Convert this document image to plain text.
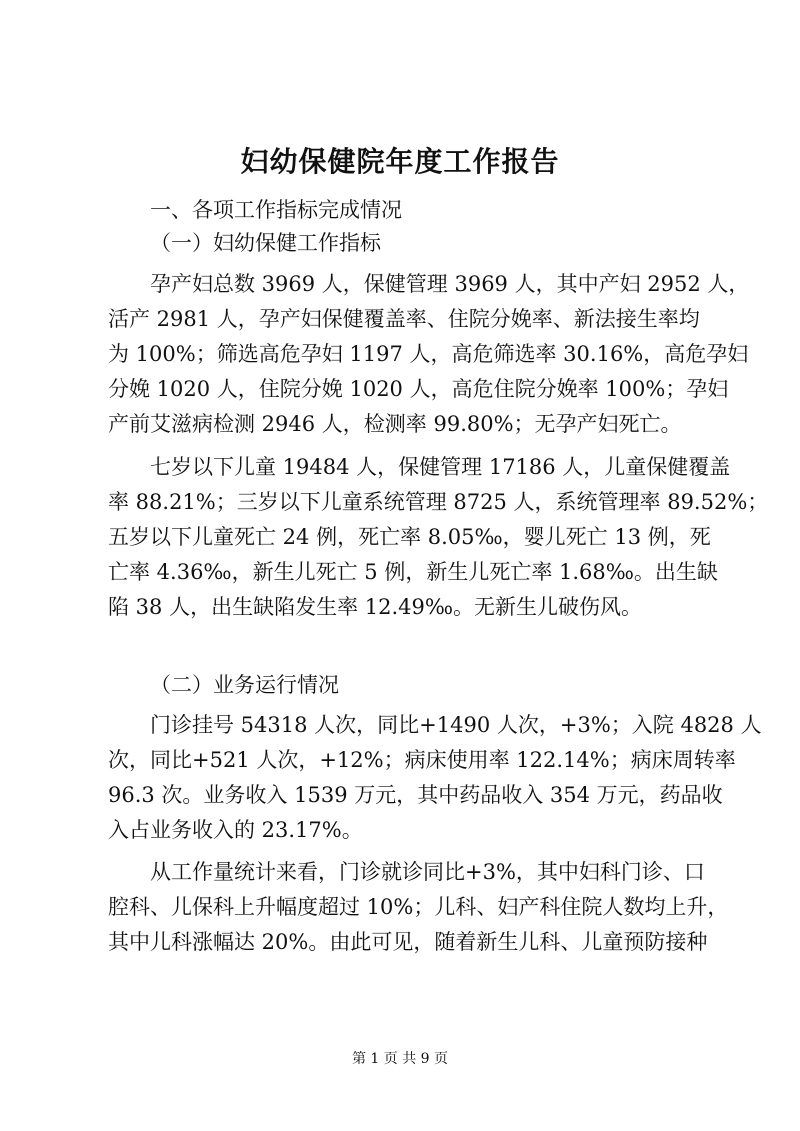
妇幼保健院年度工作报告
一、各项工作指标完成情况
（一）妇幼保健工作指标
孕产妇总数 3969 人，保健管理 3969 人，其中产妇 2952 人，
活产 2981 人，孕产妇保健覆盖率、住院分娩率、新法接生率均
为 100%；筛选高危孕妇 1197 人，高危筛选率 30.16%，高危孕妇
分娩 1020 人，住院分娩 1020 人，高危住院分娩率 100%；孕妇
产前艾滋病检测 2946 人，检测率 99.80%；无孕产妇死亡。
七岁以下儿童 19484 人，保健管理 17186 人，儿童保健覆盖
率 88.21%；三岁以下儿童系统管理 8725 人，系统管理率 89.52%；
五岁以下儿童死亡 24 例，死亡率 8.05‰，婴儿死亡 13 例，死
亡率 4.36‰，新生儿死亡 5 例，新生儿死亡率 1.68‰。出生缺
陷 38 人，出生缺陷发生率 12.49‰。无新生儿破伤风。
（二）业务运行情况
门诊挂号 54318 人次，同比+1490 人次，+3%；入院 4828 人
次，同比+521 人次，+12%；病床使用率 122.14%；病床周转率
96.3 次。业务收入 1539 万元，其中药品收入 354 万元，药品收
入占业务收入的 23.17%。
从工作量统计来看，门诊就诊同比+3%，其中妇科门诊、口
腔科、儿保科上升幅度超过 10%；儿科、妇产科住院人数均上升，
其中儿科涨幅达 20%。由此可见，随着新生儿科、儿童预防接种
第 1 页 共 9 页
